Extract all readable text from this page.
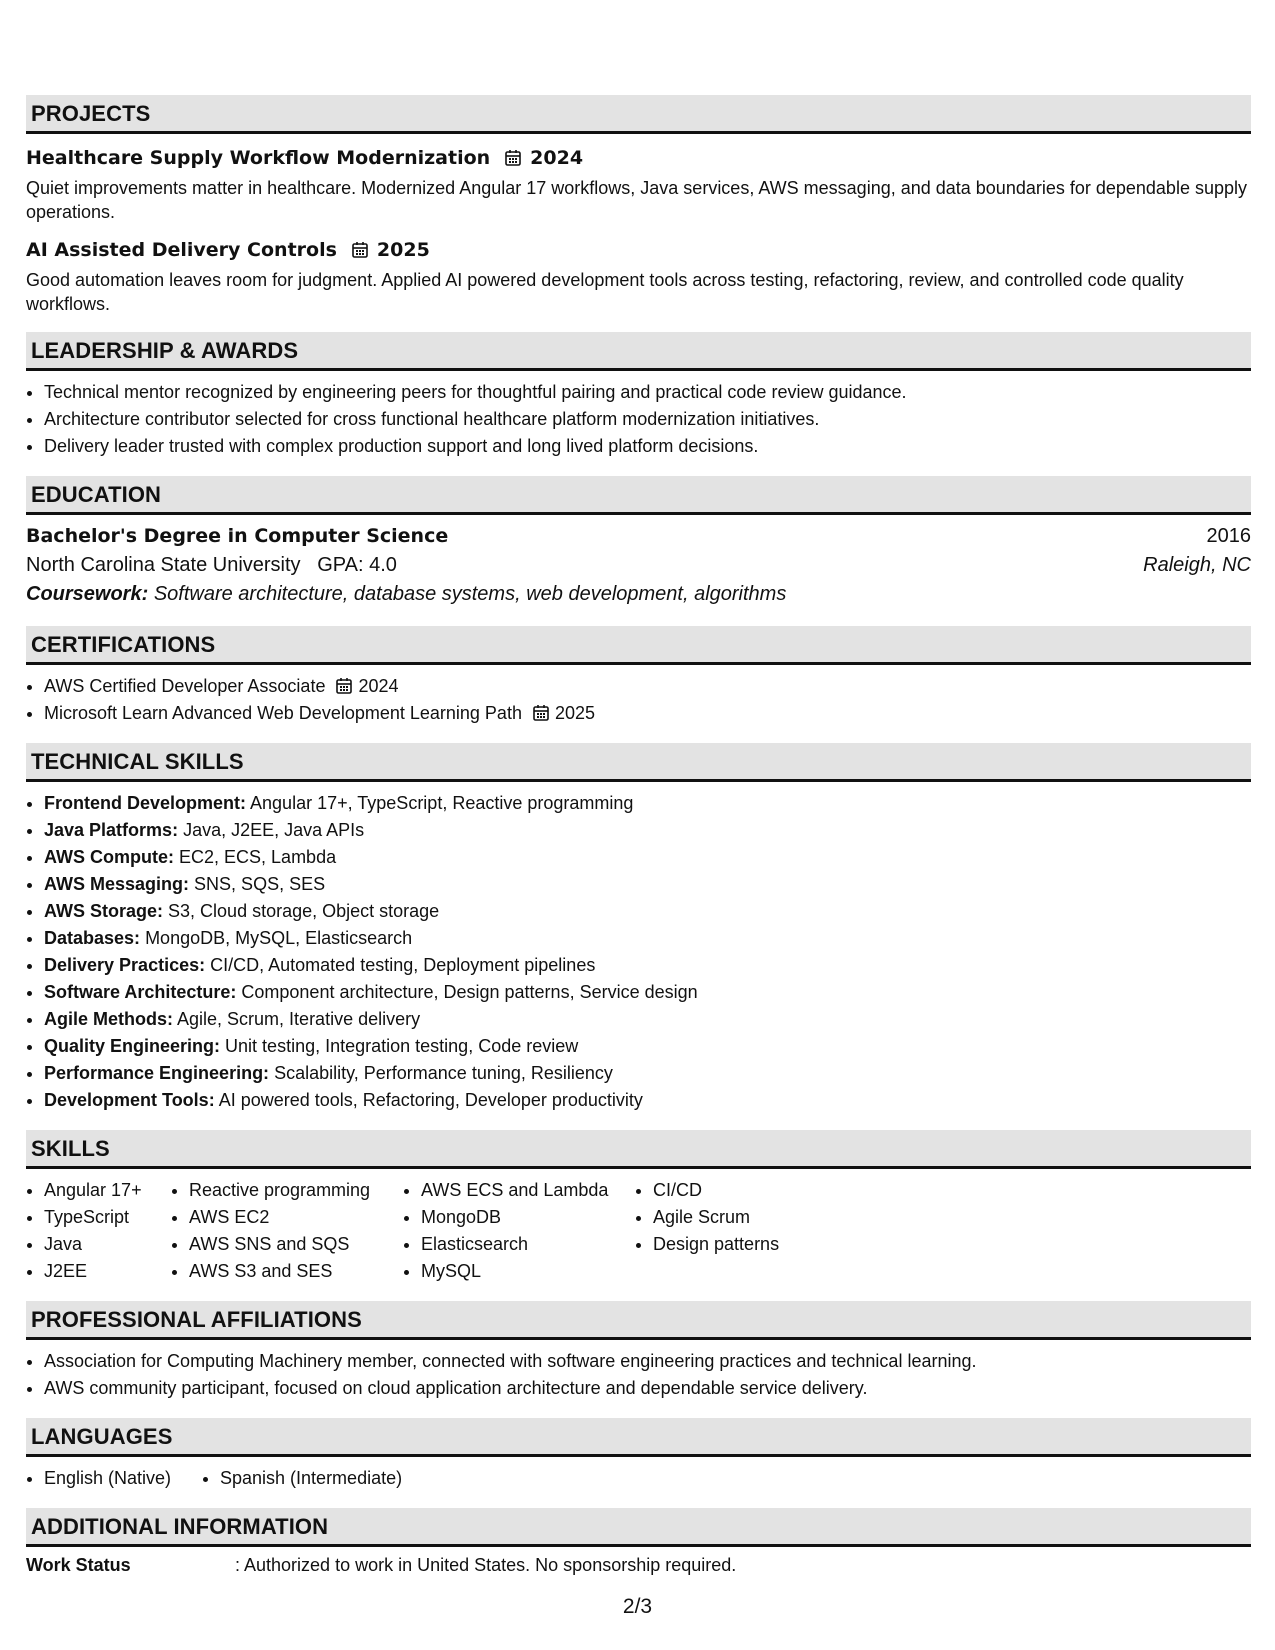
PROJECTS
Healthcare Supply Workflow Modernization 2024
Quiet improvements matter in healthcare. Modernized Angular 17 workflows, Java services, AWS messaging, and data boundaries for dependable supply operations.
AI Assisted Delivery Controls 2025
Good automation leaves room for judgment. Applied AI powered development tools across testing, refactoring, review, and controlled code quality workflows.
LEADERSHIP & AWARDS
• Technical mentor recognized by engineering peers for thoughtful pairing and practical code review guidance.
• Architecture contributor selected for cross functional healthcare platform modernization initiatives.
• Delivery leader trusted with complex production support and long lived platform decisions.
EDUCATION
Bachelor's Degree in Computer Science	2016
North Carolina State University GPA: 4.0	Raleigh, NC
Coursework: Software architecture, database systems, web development, algorithms
CERTIFICATIONS
• AWS Certified Developer Associate 2024
• Microsoft Learn Advanced Web Development Learning Path 2025
TECHNICAL SKILLS
• Frontend Development: Angular 17+, TypeScript, Reactive programming
• Java Platforms: Java, J2EE, Java APIs
• AWS Compute: EC2, ECS, Lambda
• AWS Messaging: SNS, SQS, SES
• AWS Storage: S3, Cloud storage, Object storage
• Databases: MongoDB, MySQL, Elasticsearch
• Delivery Practices: CI/CD, Automated testing, Deployment pipelines
• Software Architecture: Component architecture, Design patterns, Service design
• Agile Methods: Agile, Scrum, Iterative delivery
• Quality Engineering: Unit testing, Integration testing, Code review
• Performance Engineering: Scalability, Performance tuning, Resiliency
• Development Tools: AI powered tools, Refactoring, Developer productivity
SKILLS
• Angular 17+
• TypeScript
• Java
• J2EE
• Reactive programming
• AWS EC2
• AWS SNS and SQS
• AWS S3 and SES
• AWS ECS and Lambda
• MongoDB
• Elasticsearch
• MySQL
• CI/CD
• Agile Scrum
• Design patterns
PROFESSIONAL AFFILIATIONS
• Association for Computing Machinery member, connected with software engineering practices and technical learning.
• AWS community participant, focused on cloud application architecture and dependable service delivery.
LANGUAGES
• English (Native)
•	Spanish (Intermediate)
ADDITIONAL INFORMATION
Work Status	: Authorized to work in United States. No sponsorship required.
2/3
